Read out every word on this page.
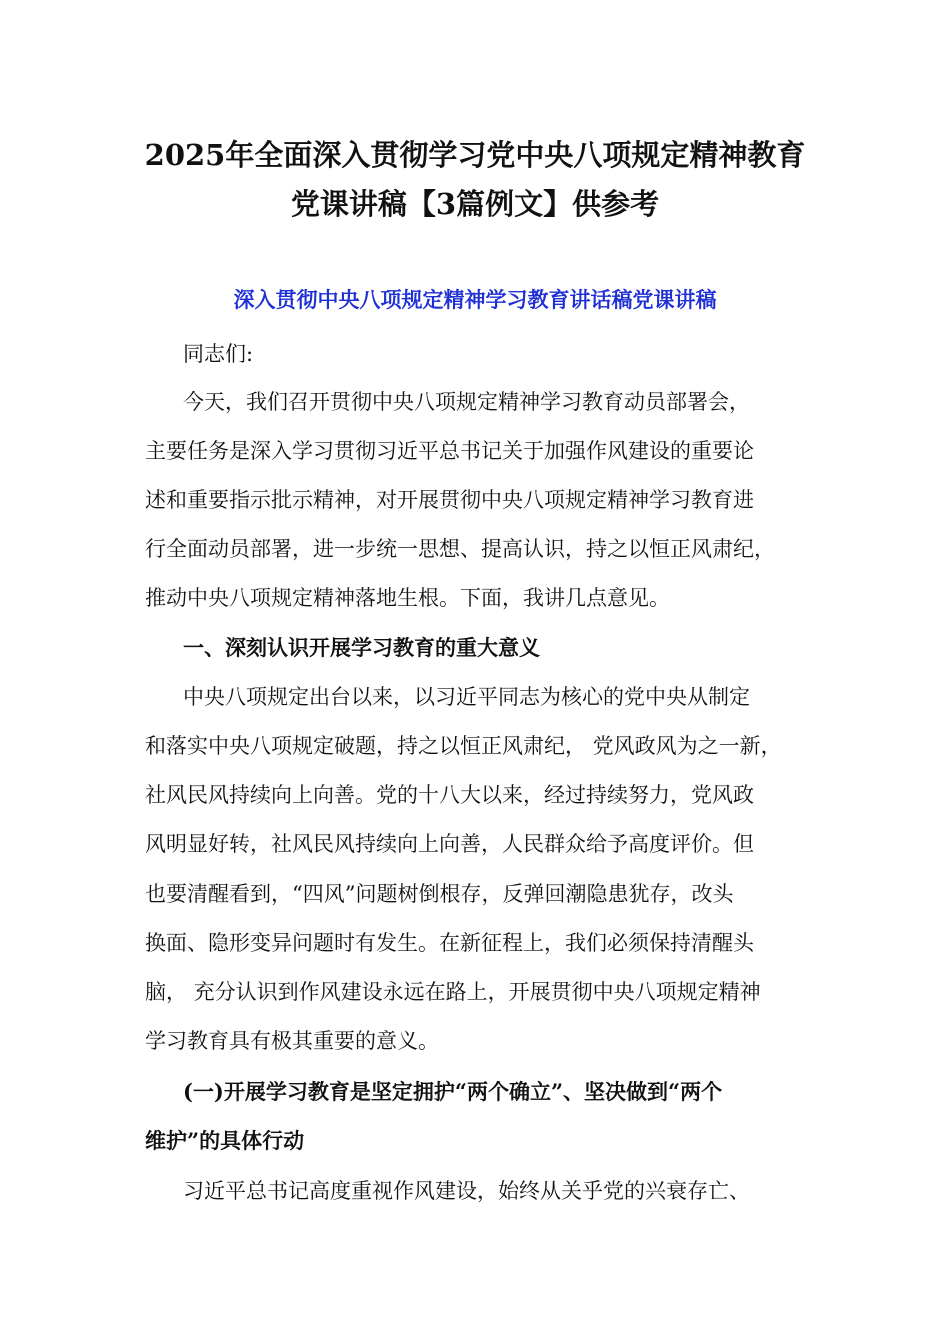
2025年全面深入贯彻学习党中央八项规定精神教育
党课讲稿【3篇例文】供参考
深入贯彻中央八项规定精神学习教育讲话稿党课讲稿
同志们:
今天，我们召开贯彻中央八项规定精神学习教育动员部署会，
主要任务是深入学习贯彻习近平总书记关于加强作风建设的重要论
述和重要指示批示精神，对开展贯彻中央八项规定精神学习教育进
行全面动员部署，进一步统一思想、提高认识，持之以恒正风肃纪，
推动中央八项规定精神落地生根。下面，我讲几点意见。
一、深刻认识开展学习教育的重大意义
中央八项规定出台以来，以习近平同志为核心的党中央从制定
和落实中央八项规定破题，持之以恒正风肃纪， 党风政风为之一新，
社风民风持续向上向善。党的十八大以来，经过持续努力，党风政
风明显好转，社风民风持续向上向善，人民群众给予高度评价。但
也要清醒看到，“四风”问题树倒根存，反弹回潮隐患犹存，改头
换面、隐形变异问题时有发生。在新征程上，我们必须保持清醒头
脑， 充分认识到作风建设永远在路上，开展贯彻中央八项规定精神
学习教育具有极其重要的意义。
(一)开展学习教育是坚定拥护“两个确立”、坚决做到“两个
维护”的具体行动
习近平总书记高度重视作风建设，始终从关乎党的兴衰存亡、
